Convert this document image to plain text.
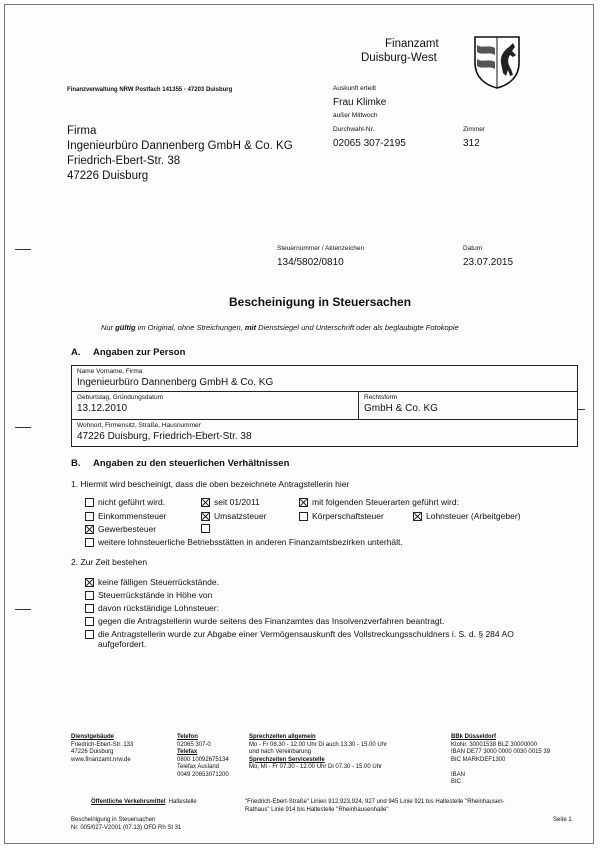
Finanzamt
Duisburg-West
Finanzverwaltung NRW Postfach 141355 - 47203 Duisburg	Auskunft erteilt
Frau Klimke
außer Mittwoch
Durchwahl-Nr.
02065 307-2195
Zimmer
312
Firma
Ingenieurbüro Dannenberg GmbH & Co. KG
Friedrich-Ebert-Str. 38
47226 Duisburg
Steuernummer / Aktenzeichen
134/5802/0810
Datum
23.07.2015
Bescheinigung in Steuersachen
Nur gültig im Original, ohne Streichungen, mit Dienstsiegel und Unterschrift oder als beglaubigte Fotokopie
A. Angaben zur Person
Name Vorname, Firma
Ingenieurbüro Dannenberg GmbH & Co. KG
Geburtstag, Gründungsdatum
13.12.2010
Rechtsform
GmbH & Co. KG
Wohnort, Firmensitz, Straße, Hausnummer
47226 Duisburg, Friedrich-Ebert-Str. 38
B. Angaben zu den steuerlichen Verhältnissen
1. Hiermit wird bescheinigt, dass die oben bezeichnete Antragstellerin hier
nicht geführt wird.	seit 01/2011	mit folgenden Steuerarten geführt wird:
Einkommensteuer	Umsatzsteuer	Körperschaftsteuer	Lohnsteuer (Arbeitgeber)
Gewerbesteuer
weitere lohnsteuerliche Betriebsstätten in anderen Finanzamtsbezirken unterhält.
2. Zur Zeit bestehen
keine fälligen Steuerrückstände.
Steuerrückstände in Höhe von
davon rückständige Lohnsteuer:
gegen die Antragstellerin wurde seitens des Finanzamtes das Insolvenzverfahren beantragt.
die Antragstellerin wurde zur Abgabe einer Vermögensauskunft des Vollstreckungsschuldners i. S. d. § 284 AO
aufgefordert.
Dienstgebäude
Friedrich-Ebert-Str. 133
47226 Duisburg
www.finanzamt.nrw.de
Telefon
02065 307-0
Telefax
0800 10092675134
Telefax Ausland
0049 20653071200
Sprechzeiten allgemein
Mo - Fr 08.30 - 12.00 Uhr Di auch 13.30 - 15.00 Uhr
und nach Vereinbarung
Sprechzeiten Servicestelle
Mo, Mi - Fr 07.30 - 12.00 Uhr Di 07.30 - 15.00 Uhr
BBk Düsseldorf
KtoNr. 30001538 BLZ 30000000
IBAN DE77 3000 0000 0030 0015 39
BIC MARKDEF1300
IBAN
BIC
Öffentliche Verkehrsmittel: Haltestelle	"Friedrich-Ebert-Straße" Linien 912,923,924, 927 und 945 Linie 921 bis Haltestelle "Rheinhausen-
Rathaus" Linie 914 bis Haltestelle "Rheinhausenhalle"
Bescheinigung in Steuersachen
Nr. 005/027-V2001 (07.13) OFD Rh St 31
Seite 1
